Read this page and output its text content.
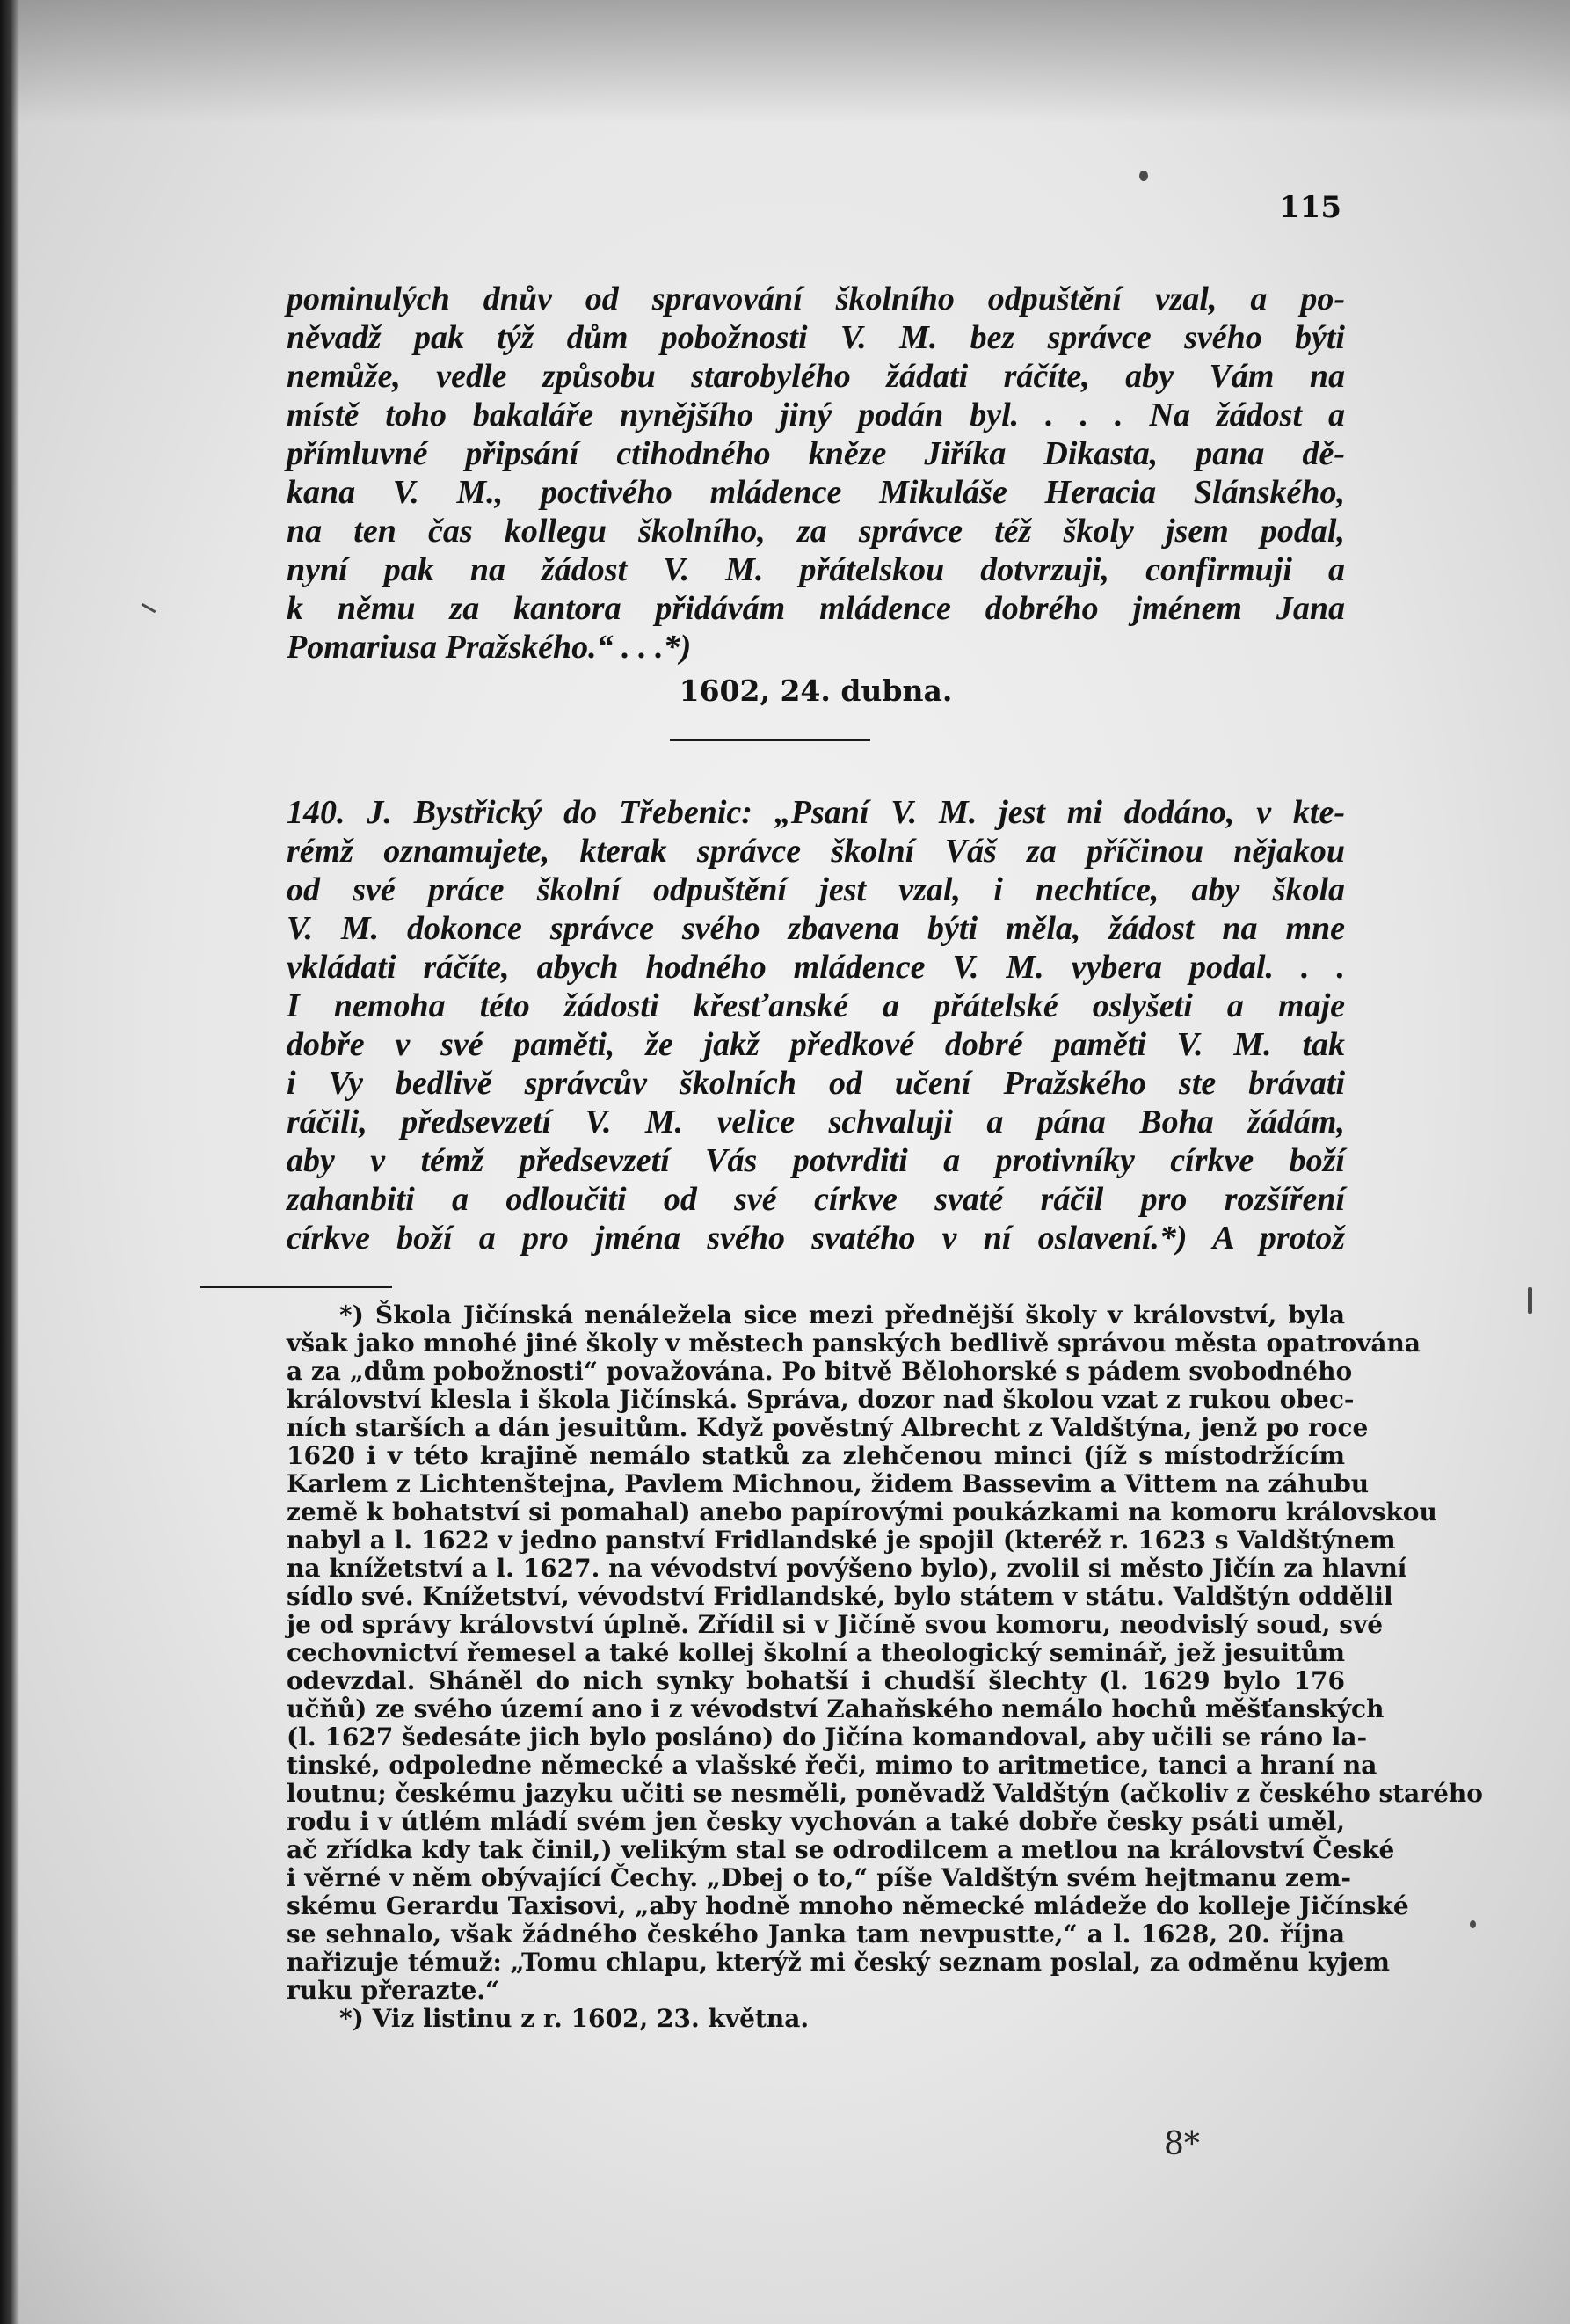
115

pominulých dnův od spravování školního odpuštění vzal, a po-
něvadž pak týž dům pobožnosti V. M. bez správce svého býti
nemůže, vedle způsobu starobylého žádati ráčíte, aby Vám na
místě toho bakaláře nynějšího jiný podán byl. . . . Na žádost a
přímluvné připsání ctihodného kněze Jiříka Dikasta, pana dě-
kana V. M., poctivého mládence Mikuláše Heracia Slánského,
na ten čas kollegu školního, za správce též školy jsem podal,
nyní pak na žádost V. M. přátelskou dotvrzuji, confirmuji a
k němu za kantora přidávám mládence dobrého jménem Jana
Pomariusa Pražského.“ . . .*)

1602, 24. dubna.

140. J. Bystřický do Třebenic: „Psaní V. M. jest mi dodáno, v kte-
rémž oznamujete, kterak správce školní Váš za příčinou nějakou
od své práce školní odpuštění jest vzal, i nechtíce, aby škola
V. M. dokonce správce svého zbavena býti měla, žádost na mne
vkládati ráčíte, abych hodného mládence V. M. vybera podal. . .
I nemoha této žádosti křesťanské a přátelské oslyšeti a maje
dobře v své paměti, že jakž předkové dobré paměti V. M. tak
i Vy bedlivě správcův školních od učení Pražského ste brávati
ráčili, předsevzetí V. M. velice schvaluji a pána Boha žádám,
aby v témž předsevzetí Vás potvrditi a protivníky církve boží
zahanbiti a odloučiti od své církve svaté ráčil pro rozšíření
církve boží a pro jména svého svatého v ní oslavení.*) A protož

*) Škola Jičínská nenáležela sice mezi přednější školy v království, byla
však jako mnohé jiné školy v městech panských bedlivě správou města opatrována
a za „dům pobožnosti“ považována. Po bitvě Bělohorské s pádem svobodného
království klesla i škola Jičínská. Správa, dozor nad školou vzat z rukou obec-
ních starších a dán jesuitům. Když pověstný Albrecht z Valdštýna, jenž po roce
1620 i v této krajině nemálo statků za zlehčenou minci (jíž s místodržícím
Karlem z Lichtenštejna, Pavlem Michnou, židem Bassevim a Vittem na záhubu
země k bohatství si pomahal) anebo papírovými poukázkami na komoru královskou
nabyl a l. 1622 v jedno panství Fridlandské je spojil (kteréž r. 1623 s Valdštýnem
na knížetství a l. 1627. na vévodství povýšeno bylo), zvolil si město Jičín za hlavní
sídlo své. Knížetství, vévodství Fridlandské, bylo státem v státu. Valdštýn oddělil
je od správy království úplně. Zřídil si v Jičíně svou komoru, neodvislý soud, své
cechovnictví řemesel a také kollej školní a theologický seminář, jež jesuitům
odevzdal. Sháněl do nich synky bohatší i chudší šlechty (l. 1629 bylo 176
učňů) ze svého území ano i z vévodství Zahaňského nemálo hochů měšťanských
(l. 1627 šedesáte jich bylo posláno) do Jičína komandoval, aby učili se ráno la-
tinské, odpoledne německé a vlašské řeči, mimo to aritmetice, tanci a hraní na
loutnu; českému jazyku učiti se nesměli, poněvadž Valdštýn (ačkoliv z českého starého
rodu i v útlém mládí svém jen česky vychován a také dobře česky psáti uměl,
ač zřídka kdy tak činil,) velikým stal se odrodilcem a metlou na království České
i věrné v něm obývající Čechy. „Dbej o to,“ píše Valdštýn svém hejtmanu zem-
skému Gerardu Taxisovi, „aby hodně mnoho německé mládeže do kolleje Jičínské
se sehnalo, však žádného českého Janka tam nevpustte,“ a l. 1628, 20. října
nařizuje témuž: „Tomu chlapu, kterýž mi český seznam poslal, za odměnu kyjem
ruku přerazte.“
*) Viz listinu z r. 1602, 23. května.

8*
